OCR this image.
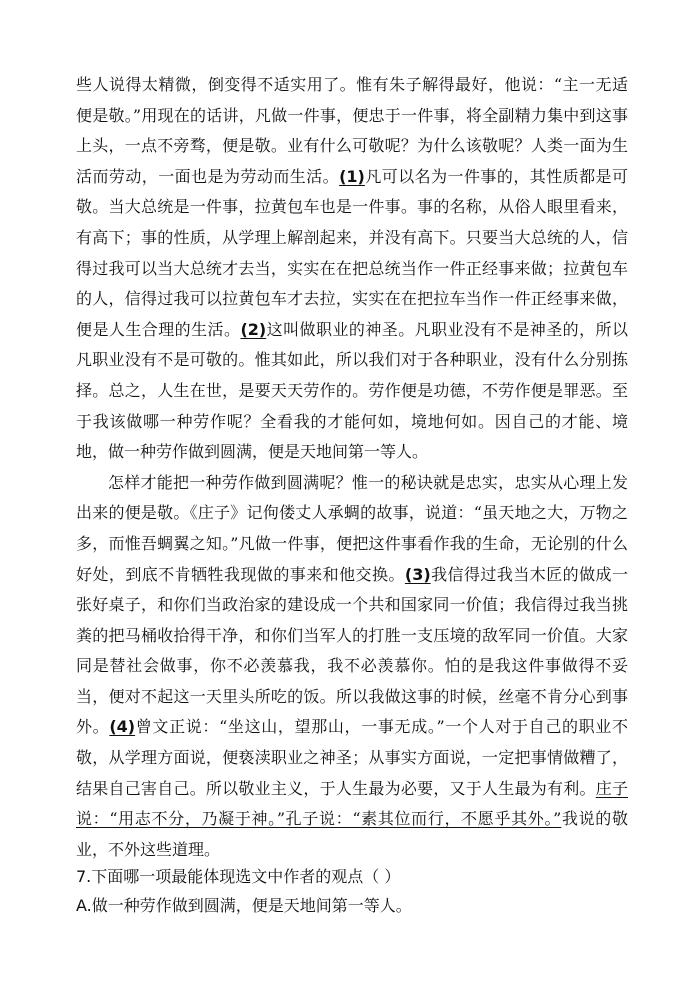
些人说得太精微，倒变得不适实用了。惟有朱子解得最好，他说：“主一无适便是敬。”用现在的话讲，凡做一件事，便忠于一件事，将全副精力集中到这事上头，一点不旁骛，便是敬。业有什么可敬呢？为什么该敬呢？人类一面为生活而劳动，一面也是为劳动而生活。(1)凡可以名为一件事的，其性质都是可敬。当大总统是一件事，拉黄包车也是一件事。事的名称，从俗人眼里看来，有高下；事的性质，从学理上解剖起来，并没有高下。只要当大总统的人，信得过我可以当大总统才去当，实实在在把总统当作一件正经事来做；拉黄包车的人，信得过我可以拉黄包车才去拉，实实在在把拉车当作一件正经事来做，便是人生合理的生活。(2)这叫做职业的神圣。凡职业没有不是神圣的，所以凡职业没有不是可敬的。惟其如此，所以我们对于各种职业，没有什么分别拣择。总之，人生在世，是要天天劳作的。劳作便是功德，不劳作便是罪恶。至于我该做哪一种劳作呢？全看我的才能何如，境地何如。因自己的才能、境地，做一种劳作做到圆满，便是天地间第一等人。

怎样才能把一种劳作做到圆满呢？惟一的秘诀就是忠实，忠实从心理上发出来的便是敬。《庄子》记佝偻丈人承蜩的故事，说道：“虽天地之大，万物之多，而惟吾蜩翼之知。”凡做一件事，便把这件事看作我的生命，无论别的什么好处，到底不肯牺牲我现做的事来和他交换。(3)我信得过我当木匠的做成一张好桌子，和你们当政治家的建设成一个共和国家同一价值；我信得过我当挑粪的把马桶收拾得干净，和你们当军人的打胜一支压境的敌军同一价值。大家同是替社会做事，你不必羡慕我，我不必羡慕你。怕的是我这件事做得不妥当，便对不起这一天里头所吃的饭。所以我做这事的时候，丝毫不肯分心到事外。(4)曾文正说：“坐这山，望那山，一事无成。”一个人对于自己的职业不敬，从学理方面说，便亵渎职业之神圣；从事实方面说，一定把事情做糟了，结果自己害自己。所以敬业主义，于人生最为必要，又于人生最为有利。庄子说：“用志不分，乃凝于神。”孔子说：“素其位而行，不愿乎其外。”我说的敬业，不外这些道理。

7.下面哪一项最能体现选文中作者的观点（ ）

A.做一种劳作做到圆满，便是天地间第一等人。
